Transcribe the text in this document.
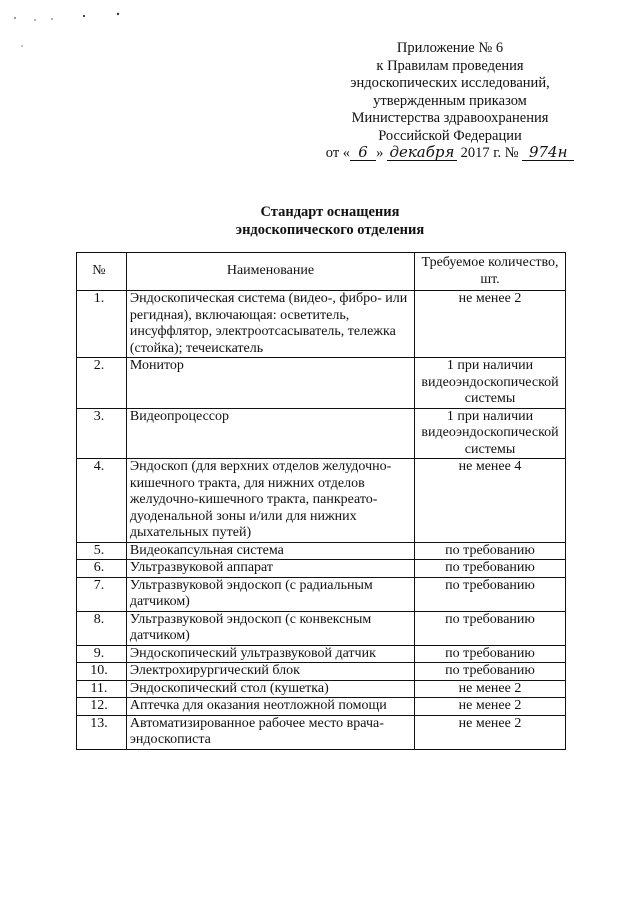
Приложение № 6
к Правилам проведения
эндоскопических исследований,
утвержденным приказом
Министерства здравоохранения
Российской Федерации
от « 6 » декабря 2017 г. № 974н
Стандарт оснащения
эндоскопического отделения
№	Наименование	Требуемое количество, шт.
1.	Эндоскопическая система (видео-, фибро- или регидная), включающая: осветитель, инсуффлятор, электроотсасыватель, тележка (стойка); течеискатель	не менее 2
2.	Монитор	1 при наличии видеоэндоскопической системы
3.	Видеопроцессор	1 при наличии видеоэндоскопической системы
4.	Эндоскоп (для верхних отделов желудочно-кишечного тракта, для нижних отделов желудочно-кишечного тракта, панкреато-дуоденальной зоны и/или для нижних дыхательных путей)	не менее 4
5.	Видеокапсульная система	по требованию
6.	Ультразвуковой аппарат	по требованию
7.	Ультразвуковой эндоскоп (с радиальным датчиком)	по требованию
8.	Ультразвуковой эндоскоп (с конвексным датчиком)	по требованию
9.	Эндоскопический ультразвуковой датчик	по требованию
10.	Электрохирургический блок	по требованию
11.	Эндоскопический стол (кушетка)	не менее 2
12.	Аптечка для оказания неотложной помощи	не менее 2
13.	Автоматизированное рабочее место врача-эндоскописта	не менее 2
